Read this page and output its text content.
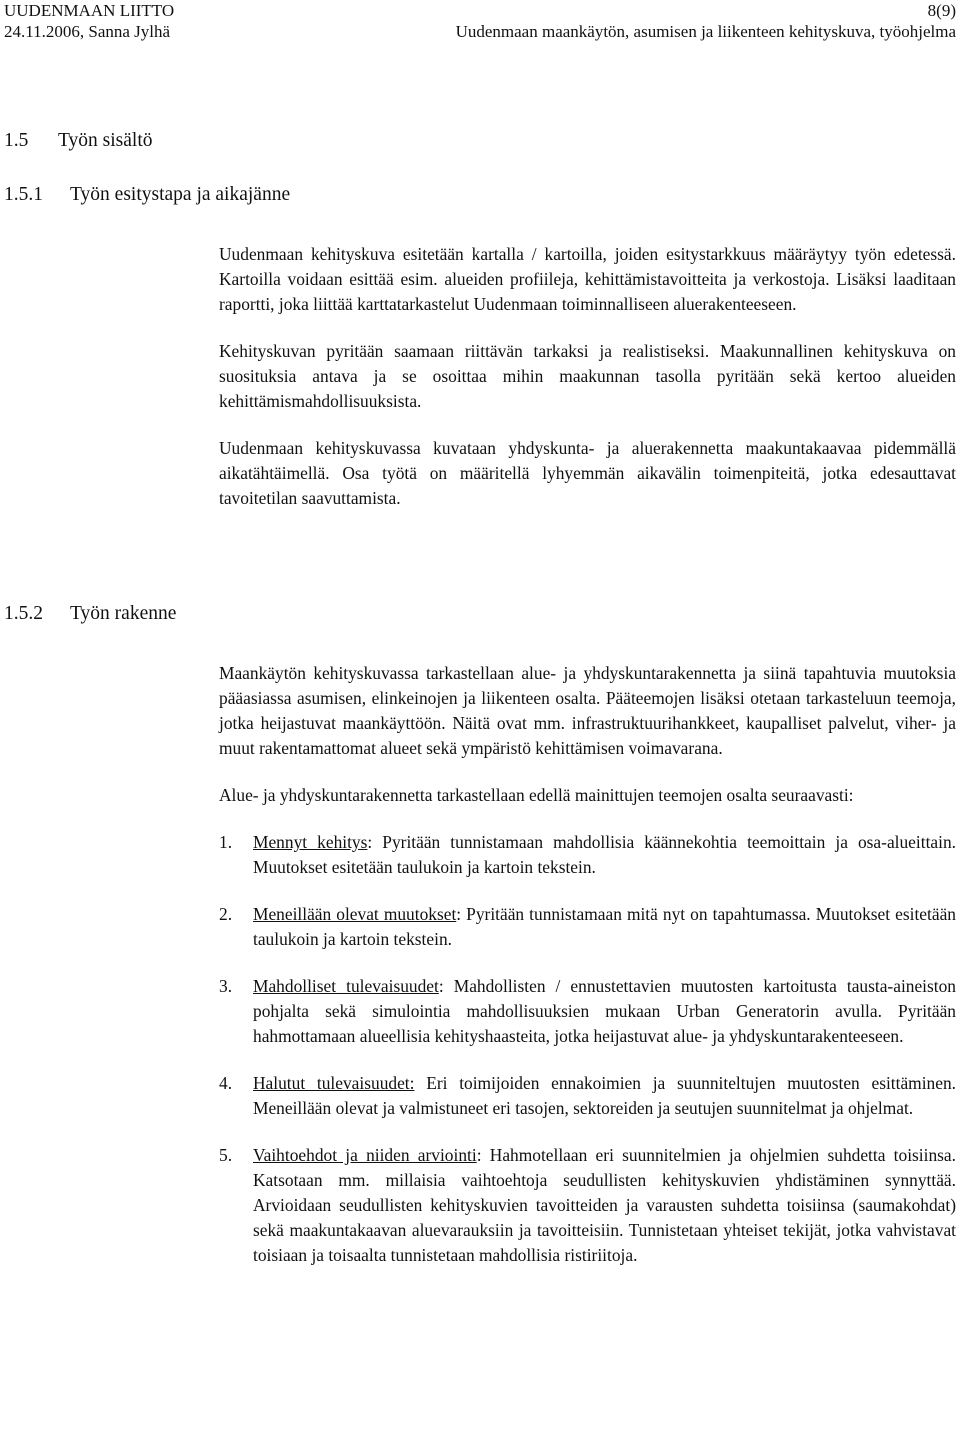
UUDENMAAN LIITTO	8(9)
24.11.2006, Sanna Jylhä	Uudenmaan maankäytön, asumisen ja liikenteen kehityskuva, työohjelma
1.5 Työn sisältö
1.5.1 Työn esitystapa ja aikajänne

Uudenmaan kehityskuva esitetään kartalla / kartoilla, joiden esitystarkkuus määräytyy työn edetessä. Kartoilla voidaan esittää esim. alueiden profiileja, kehittämistavoitteita ja verkostoja. Lisäksi laaditaan raportti, joka liittää karttatarkastelut Uudenmaan toiminnalliseen aluerakenteeseen.

Kehityskuvan pyritään saamaan riittävän tarkaksi ja realistiseksi. Maakunnallinen kehityskuva on suosituksia antava ja se osoittaa mihin maakunnan tasolla pyritään sekä kertoo alueiden kehittämismahdollisuuksista.

Uudenmaan kehityskuvassa kuvataan yhdyskunta- ja aluerakennetta maakuntakaavaa pidemmällä aikatähtäimellä. Osa työtä on määritellä lyhyemmän aikavälin toimenpiteitä, jotka edesauttavat tavoitetilan saavuttamista.

1.5.2 Työn rakenne

Maankäytön kehityskuvassa tarkastellaan alue- ja yhdyskuntarakennetta ja siinä tapahtuvia muutoksia pääasiassa asumisen, elinkeinojen ja liikenteen osalta. Pääteemojen lisäksi otetaan tarkasteluun teemoja, jotka heijastuvat maankäyttöön. Näitä ovat mm. infrastruktuurihankkeet, kaupalliset palvelut, viher- ja muut rakentamattomat alueet sekä ympäristö kehittämisen voimavarana.

Alue- ja yhdyskuntarakennetta tarkastellaan edellä mainittujen teemojen osalta seuraavasti:

1.	Mennyt kehitys: Pyritään tunnistamaan mahdollisia käännekohtia teemoittain ja osa-alueittain. Muutokset esitetään taulukoin ja kartoin tekstein.
2.	Meneillään olevat muutokset: Pyritään tunnistamaan mitä nyt on tapahtumassa. Muutokset esitetään taulukoin ja kartoin tekstein.
3.	Mahdolliset tulevaisuudet: Mahdollisten / ennustettavien muutosten kartoitusta tausta-aineiston pohjalta sekä simulointia mahdollisuuksien mukaan Urban Generatorin avulla. Pyritään hahmottamaan alueellisia kehityshaasteita, jotka heijastuvat alue- ja yhdyskuntarakenteeseen.
4.	Halutut tulevaisuudet: Eri toimijoiden ennakoimien ja suunniteltujen muutosten esittäminen. Meneillään olevat ja valmistuneet eri tasojen, sektoreiden ja seutujen suunnitelmat ja ohjelmat.
5.	Vaihtoehdot ja niiden arviointi: Hahmotellaan eri suunnitelmien ja ohjelmien suhdetta toisiinsa. Katsotaan mm. millaisia vaihtoehtoja seudullisten kehityskuvien yhdistäminen synnyttää. Arvioidaan seudullisten kehityskuvien tavoitteiden ja varausten suhdetta toisiinsa (saumakohdat) sekä maakuntakaavan aluevarauksiin ja tavoitteisiin. Tunnistetaan yhteiset tekijät, jotka vahvistavat toisiaan ja toisaalta tunnistetaan mahdollisia ristiriitoja.
